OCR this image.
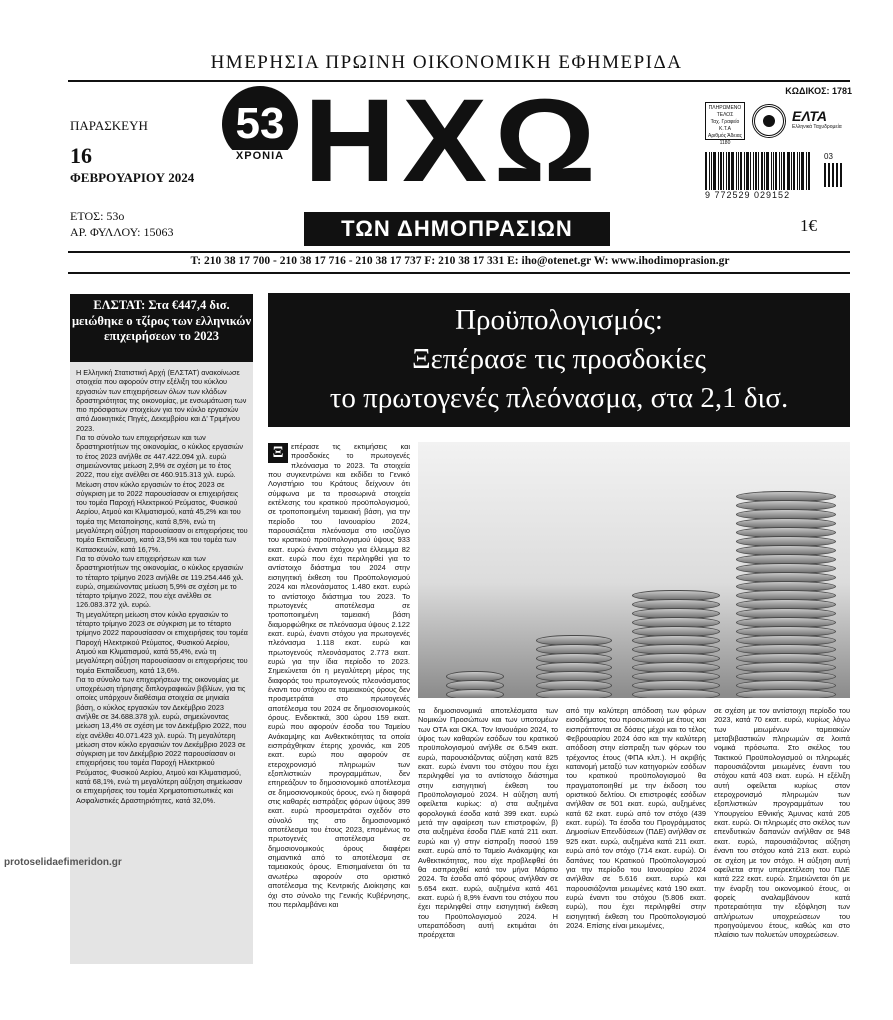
ΗΜΕΡΗΣΙΑ ΠΡΩΙΝΗ ΟΙΚΟΝΟΜΙΚΗ ΕΦΗΜΕΡΙΔΑ
ΠΑΡΑΣΚΕΥΗ
16
ΦΕΒΡΟΥΑΡΙΟΥ 2024
ΕΤΟΣ: 53ο
ΑΡ. ΦΥΛΛΟΥ: 15063
53
ΧΡΟΝΙΑ ΗΧΩ
ΤΩΝ ΔΗΜΟΠΡΑΣΙΩΝ
ΚΩΔΙΚΟΣ: 1781
ΠΛΗΡΩΜΕΝΟ
ΤΕΛΟΣ
Ταχ. Γραφείο
Κ.Τ.Α
Αριθμός Άδειας
1180
ΕΛΤΑ
Ελληνικά Ταχυδρομεία
9 772529 029152
03
1€
T: 210 38 17 700 - 210 38 17 716 - 210 38 17 737 F: 210 38 17 331 E: iho@otenet.gr W: www.ihodimoprasion.gr
ΕΛΣΤΑΤ: Στα €447,4 δισ. μειώθηκε ο τζίρος των ελληνικών επιχειρήσεων το 2023

Η Ελληνική Στατιστική Αρχή (ΕΛΣΤΑΤ) ανακοίνωσε στοιχεία που αφορούν στην εξέλιξη του κύκλου εργασιών των επιχειρήσεων όλων των κλάδων δραστηριότητας της οικονομίας, με ενσωμάτωση των πιο πρόσφατων στοιχείων για τον κύκλο εργασιών από Διοικητικές Πηγές, Δεκεμβρίου και Δ' Τριμήνου 2023.

Για το σύνολο των επιχειρήσεων και των δραστηριοτήτων της οικονομίας, ο κύκλος εργασιών το έτος 2023 ανήλθε σε 447.422.094 χιλ. ευρώ σημειώνοντας μείωση 2,9% σε σχέση με το έτος 2022, που είχε ανέλθει σε 460.915.313 χιλ. ευρώ.

Μείωση στον κύκλο εργασιών το έτος 2023 σε σύγκριση με το 2022 παρουσίασαν οι επιχειρήσεις του τομέα Παροχή Ηλεκτρικού Ρεύματος, Φυσικού Αερίου, Ατμού και Κλιματισμού, κατά 45,2% και του τομέα της Μεταποίησης, κατά 8,5%, ενώ τη μεγαλύτερη αύξηση παρουσίασαν οι επιχειρήσεις του τομέα Εκπαίδευση, κατά 23,5% και του τομέα των Κατασκευών, κατά 16,7%.

Για το σύνολο των επιχειρήσεων και των δραστηριοτήτων της οικονομίας, ο κύκλος εργασιών το τέταρτο τρίμηνο 2023 ανήλθε σε 119.254.446 χιλ. ευρώ, σημειώνοντας μείωση 5,9% σε σχέση με το τέταρτο τρίμηνο 2022, που είχε ανέλθει σε 126.083.372 χιλ. ευρώ.

Τη μεγαλύτερη μείωση στον κύκλο εργασιών το τέταρτο τρίμηνο 2023 σε σύγκριση με το τέταρτο τρίμηνο 2022 παρουσίασαν οι επιχειρήσεις του τομέα Παροχή Ηλεκτρικού Ρεύματος, Φυσικού Αερίου, Ατμού και Κλιματισμού, κατά 55,4%, ενώ τη μεγαλύτερη αύξηση παρουσίασαν οι επιχειρήσεις του τομέα Εκπαίδευση, κατά 13,6%.

Για το σύνολο των επιχειρήσεων της οικονομίας με υποχρέωση τήρησης διπλογραφικών βιβλίων, για τις οποίες υπάρχουν διαθέσιμα στοιχεία σε μηνιαία βάση, ο κύκλος εργασιών τον Δεκέμβριο 2023 ανήλθε σε 34.688.378 χιλ. ευρώ, σημειώνοντας μείωση 13,4% σε σχέση με τον Δεκέμβριο 2022, που είχε ανέλθει 40.071.423 χιλ. ευρώ. Τη μεγαλύτερη μείωση στον κύκλο εργασιών τον Δεκέμβριο 2023 σε σύγκριση με τον Δεκέμβριο 2022 παρουσίασαν οι επιχειρήσεις του τομέα Παροχή Ηλεκτρικού Ρεύματος, Φυσικού Αερίου, Ατμού και Κλιματισμού, κατά 68,1%, ενώ τη μεγαλύτερη αύξηση σημείωσαν οι επιχειρήσεις του τομέα Χρηματοπιστωτικές και Ασφαλιστικές Δραστηριότητες, κατά 32,0%.

protoselidaefimeridon.gr
Προϋπολογισμός:
Ξεπέρασε τις προσδοκίες
το πρωτογενές πλεόνασμα, στα 2,1 δισ.
Ξ	επέρασε τις εκτιμήσεις και προσδοκίες το πρωτογενές πλεόνασμα το 2023. Τα στοιχεία που συγκεντρώνει και εκδίδει το Γενικό Λογιστήριο του Κράτους δείχνουν ότι σύμφωνα με τα προσωρινά στοιχεία εκτέλεσης του κρατικού προϋπολογισμού, σε τροποποιημένη ταμειακή βάση, για την περίοδο του Ιανουαρίου 2024, παρουσιάζεται πλεόνασμα στο ισοζύγιο του κρατικού προϋπολογισμού ύψους 933 εκατ. ευρώ έναντι στόχου για έλλειμμα 82 εκατ. ευρώ που έχει περιληφθεί για το αντίστοιχο διάστημα του 2024 στην εισηγητική έκθεση του Προϋπολογισμού 2024 και πλεονάσματος 1.480 εκατ. ευρώ το αντίστοιχο διάστημα του 2023. Το πρωτογενές αποτέλεσμα σε τροποποιημένη ταμειακή βάση διαμορφώθηκε σε πλεόνασμα ύψους 2.122 εκατ. ευρώ, έναντι στόχου για πρωτογενές πλεόνασμα 1.118 εκατ. ευρώ και πρωτογενούς πλεονάσματος 2.773 εκατ. ευρώ για την ίδια περίοδο το 2023. Σημειώνεται ότι η μεγαλύτερη μέρος της διαφοράς του πρωτογενούς πλεονάσματος έναντι του στόχου σε ταμειακούς όρους δεν προσμετράται στο πρωτογενές αποτέλεσμα του 2024 σε δημοσιονομικούς όρους. Ενδεικτικά, 300 ώρου 159 εκατ. ευρώ που αφορούν έσοδα του Ταμείου Ανάκαμψης και Ανθεκτικότητας τα οποία εισπράχθηκαν έτερης χρονιάς, και 205 εκατ. ευρώ που αφορούν σε ετεροχρονισμό πληρωμών των εξοπλιστικών προγραμμάτων, δεν επηρεάζουν το δημοσιονομικό αποτέλεσμα σε δημοσιονομικούς όρους, ενώ η διαφορά στις καθαρές εισπράξεις φόρων ύψους 399 εκατ. ευρώ προσμετράται σχεδόν στο σύνολό της στο δημοσιονομικό αποτέλεσμα του έτους 2023, επομένως το πρωτογενές αποτέλεσμα σε δημοσιονομικούς όρους διαφέρει σημαντικά από το αποτέλεσμα σε ταμειακούς όρους. Επισημαίνεται ότι τα ανωτέρω αφορούν στο οριστικό αποτέλεσμα της Κεντρικής Διοίκησης και όχι στο σύνολο της Γενικής Κυβέρνησης, που περιλαμβάνει και
τα δημοσιονομικά αποτελέσματα των Νομικών Προσώπων και των υποτομέων των ΟΤΑ και ΟΚΑ. Τον Ιανουάριο 2024, το ύψος των καθαρών εσόδων του κρατικού προϋπολογισμού ανήλθε σε 6.549 εκατ. ευρώ, παρουσιάζοντας αύξηση κατά 825 εκατ. ευρώ έναντι του στόχου που έχει περιληφθεί για το αντίστοιχο διάστημα στην εισηγητική έκθεση του Προϋπολογισμού 2024. Η αύξηση αυτή οφείλεται κυρίως: α) στα αυξημένα φορολογικά έσοδα κατά 399 εκατ. ευρώ μετά την αφαίρεση των επιστροφών, β) στα αυξημένα έσοδα ΠΔΕ κατά 211 εκατ. ευρώ και γ) στην είσπραξη ποσού 159 εκατ. ευρώ από το Ταμείο Ανάκαμψης και Ανθεκτικότητας, που είχε προβλεφθεί ότι θα εισπραχθεί κατά τον μήνα Μάρτιο 2024. Τα έσοδα από φόρους ανήλθαν σε 5.654 εκατ. ευρώ, αυξημένα κατά 461 εκατ. ευρώ ή 8,9% έναντι του στόχου που έχει περιληφθεί στην εισηγητική έκθεση του Προϋπολογισμού 2024. Η υπεραπόδοση αυτή εκτιμάται ότι προέρχεται
από την καλύτερη απόδοση των φόρων εισοδήματος του προσωπικού με έτους και εισπράττονται σε δόσεις μέχρι και το τέλος Φεβρουαρίου 2024 όσο και την καλύτερη απόδοση στην είσπραξη των φόρων του τρέχοντος έτους (ΦΠΑ κλπ.). Η ακριβής κατανομή μεταξύ των κατηγοριών εσόδων του κρατικού προϋπολογισμού θα πραγματοποιηθεί με την έκδοση του οριστικού δελτίου. Οι επιστροφές εσόδων ανήλθαν σε 501 εκατ. ευρώ, αυξημένες κατά 62 εκατ. ευρώ από τον στόχο (439 εκατ. ευρώ). Τα έσοδα του Προγράμματος Δημοσίων Επενδύσεων (ΠΔΕ) ανήλθαν σε 925 εκατ. ευρώ, αυξημένα κατά 211 εκατ. ευρώ από τον στόχο (714 εκατ. ευρώ). Οι δαπάνες του Κρατικού Προϋπολογισμού για την περίοδο του Ιανουαρίου 2024 ανήλθαν σε 5.616 εκατ. ευρώ και παρουσιάζονται μειωμένες κατά 190 εκατ. ευρώ έναντι του στόχου (5.806 εκατ. ευρώ), που έχει περιληφθεί στην εισηγητική έκθεση του Προϋπολογισμού 2024. Επίσης είναι μειωμένες,
σε σχέση με τον αντίστοιχη περίοδο του 2023, κατά 70 εκατ. ευρώ, κυρίως λόγω των μειωμένων ταμειακών μεταβιβαστικών πληρωμών σε λοιπά νομικά πρόσωπα. Στο σκέλος του Τακτικού Προϋπολογισμού οι πληρωμές παρουσιάζονται μειωμένες έναντι του στόχου κατά 403 εκατ. ευρώ. Η εξέλιξη αυτή οφείλεται κυρίως στον ετεροχρονισμό πληρωμών των εξοπλιστικών προγραμμάτων του Υπουργείου Εθνικής Άμυνας κατά 205 εκατ. ευρώ. Οι πληρωμές στο σκέλος των επενδυτικών δαπανών ανήλθαν σε 948 εκατ. ευρώ, παρουσιάζοντας αύξηση έναντι του στόχου κατά 213 εκατ. ευρώ σε σχέση με τον στόχο. Η αύξηση αυτή οφείλεται στην υπερεκτέλεση του ΠΔΕ κατά 222 εκατ. ευρώ. Σημειώνεται ότι με την έναρξη του οικονομικού έτους, οι φορείς αναλαμβάνουν κατά προτεραιότητα την εξόφληση των απλήρωτων υποχρεώσεων του προηγούμενου έτους, καθώς και στο πλαίσιο των πολυετών υποχρεώσεων.
